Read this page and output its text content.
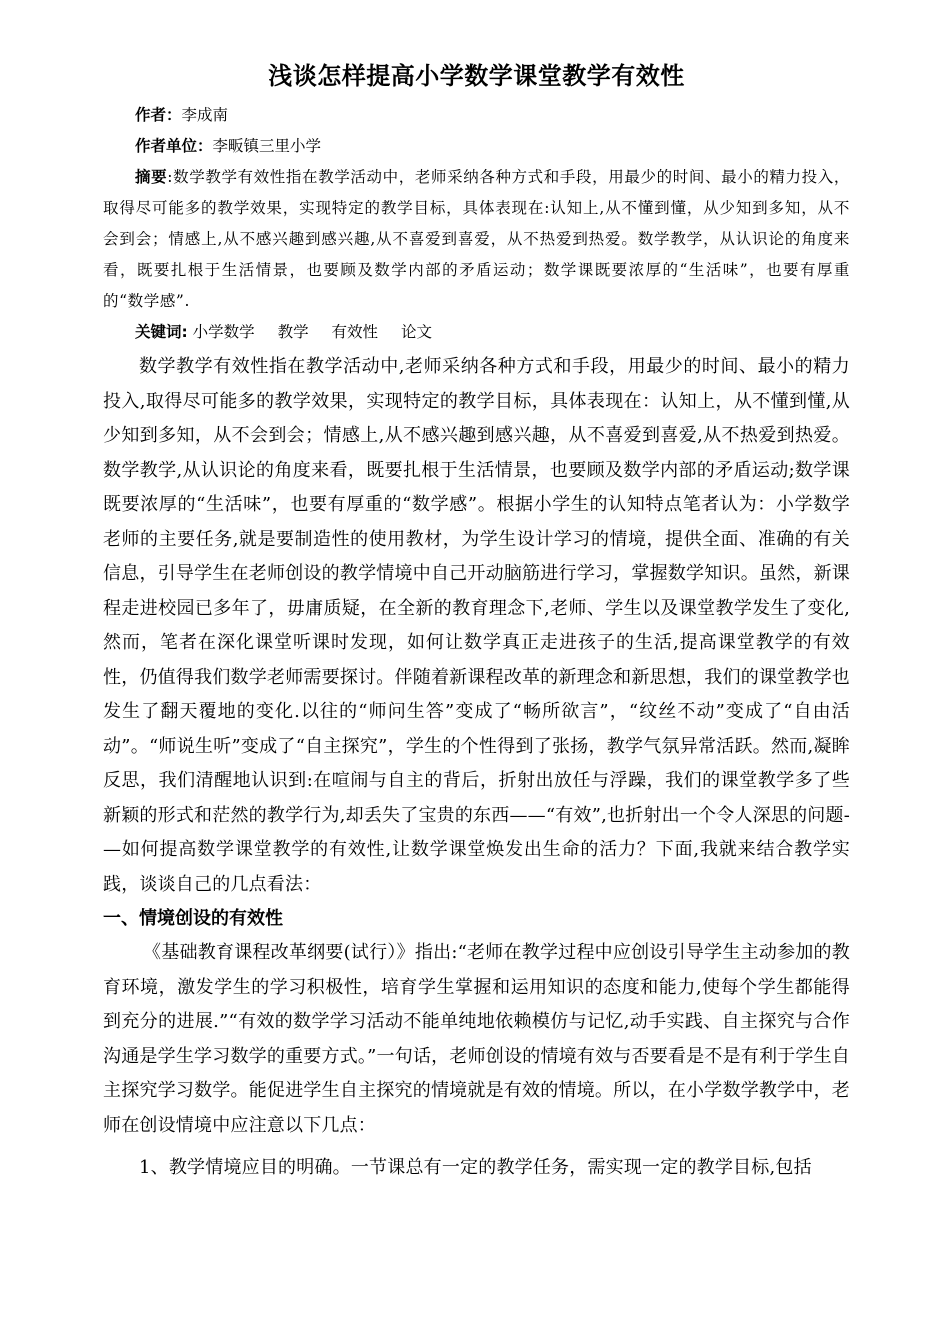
浅谈怎样提高小学数学课堂教学有效性

作者：李成南

作者单位：李畈镇三里小学

摘要:数学教学有效性指在教学活动中，老师采纳各种方式和手段，用最少的时间、最小的精力投入，取得尽可能多的教学效果，实现特定的教学目标，具体表现在:认知上,从不懂到懂，从少知到多知，从不会到会；情感上,从不感兴趣到感兴趣,从不喜爱到喜爱，从不热爱到热爱。数学教学，从认识论的角度来看，既要扎根于生活情景，也要顾及数学内部的矛盾运动；数学课既要浓厚的“生活味”，也要有厚重的“数学感”.

关键词: 小学数学 教学 有效性 论文

数学教学有效性指在教学活动中,老师采纳各种方式和手段，用最少的时间、最小的精力投入,取得尽可能多的教学效果，实现特定的教学目标，具体表现在：认知上，从不懂到懂,从少知到多知，从不会到会；情感上,从不感兴趣到感兴趣，从不喜爱到喜爱,从不热爱到热爱。数学教学,从认识论的角度来看，既要扎根于生活情景，也要顾及数学内部的矛盾运动;数学课既要浓厚的“生活味”，也要有厚重的“数学感”。根据小学生的认知特点笔者认为：小学数学老师的主要任务,就是要制造性的使用教材，为学生设计学习的情境，提供全面、准确的有关信息，引导学生在老师创设的教学情境中自己开动脑筋进行学习，掌握数学知识。虽然，新课程走进校园已多年了，毋庸质疑，在全新的教育理念下,老师、学生以及课堂教学发生了变化,然而，笔者在深化课堂听课时发现，如何让数学真正走进孩子的生活,提高课堂教学的有效性，仍值得我们数学老师需要探讨。伴随着新课程改革的新理念和新思想，我们的课堂教学也发生了翻天覆地的变化.以往的“师问生答”变成了“畅所欲言”，“纹丝不动”变成了“自由活动”。“师说生听”变成了“自主探究”，学生的个性得到了张扬，教学气氛异常活跃。然而,凝眸反思，我们清醒地认识到:在喧闹与自主的背后，折射出放任与浮躁，我们的课堂教学多了些新颖的形式和茫然的教学行为,却丢失了宝贵的东西——“有效”,也折射出一个令人深思的问题-—如何提高数学课堂教学的有效性,让数学课堂焕发出生命的活力？下面,我就来结合教学实践，谈谈自己的几点看法：

一、情境创设的有效性

《基础教育课程改革纲要(试行）》指出:“老师在教学过程中应创设引导学生主动参加的教育环境，激发学生的学习积极性，培育学生掌握和运用知识的态度和能力,使每个学生都能得到充分的进展.”“有效的数学学习活动不能单纯地依赖模仿与记忆,动手实践、自主探究与合作沟通是学生学习数学的重要方式。”一句话，老师创设的情境有效与否要看是不是有利于学生自主探究学习数学。能促进学生自主探究的情境就是有效的情境。所以，在小学数学教学中，老师在创设情境中应注意以下几点：

1、教学情境应目的明确。一节课总有一定的教学任务，需实现一定的教学目标,包括
